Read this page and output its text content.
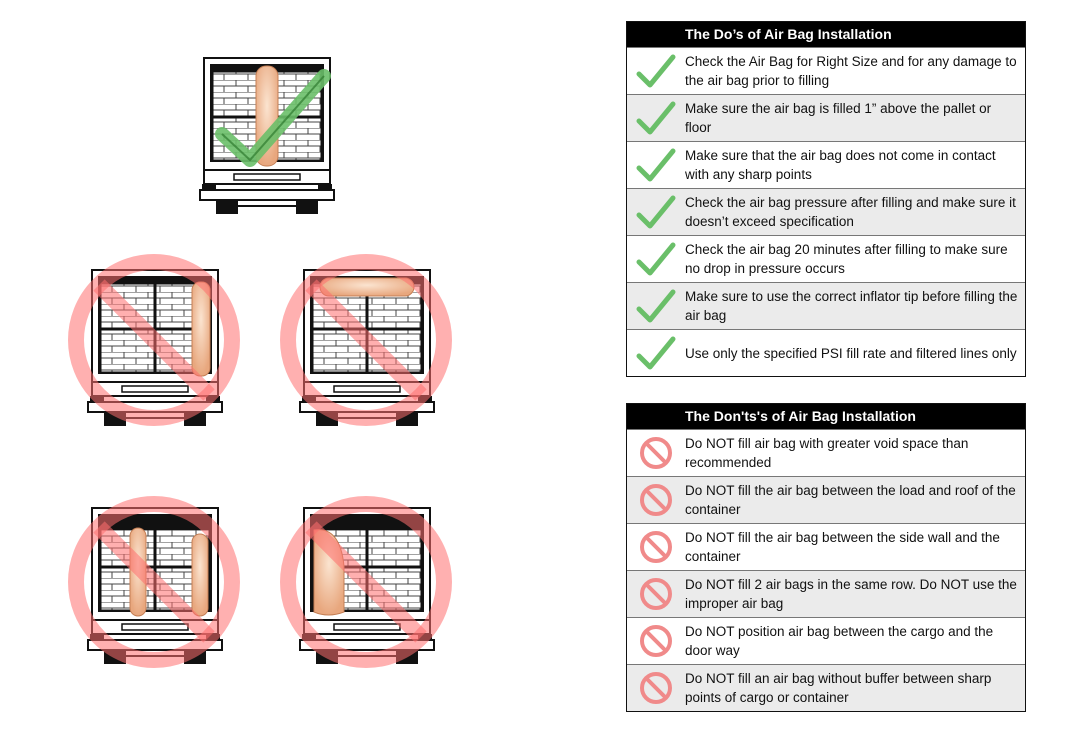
The Do’s of Air Bag Installation
Check the Air Bag for Right Size and for any damage to the air bag prior to filling
Make sure the air bag is filled 1” above the pallet or floor
Make sure that the air bag does not come in contact with any sharp points
Check the air bag pressure after filling and make sure it doesn’t exceed specification
Check the air bag 20 minutes after filling to make sure no drop in pressure occurs
Make sure to use the correct inflator tip before filling the air bag
Use only the specified PSI fill rate and filtered lines only
The Don'ts's of Air Bag Installation
Do NOT fill air bag with greater void space than recommended
Do NOT fill the air bag between the load and roof of the container
Do NOT fill the air bag between the side wall and the container
Do NOT fill 2 air bags in the same row. Do NOT use the improper air bag
Do NOT position air bag between the cargo and the door way
Do NOT fill an air bag without buffer between sharp points of cargo or container
